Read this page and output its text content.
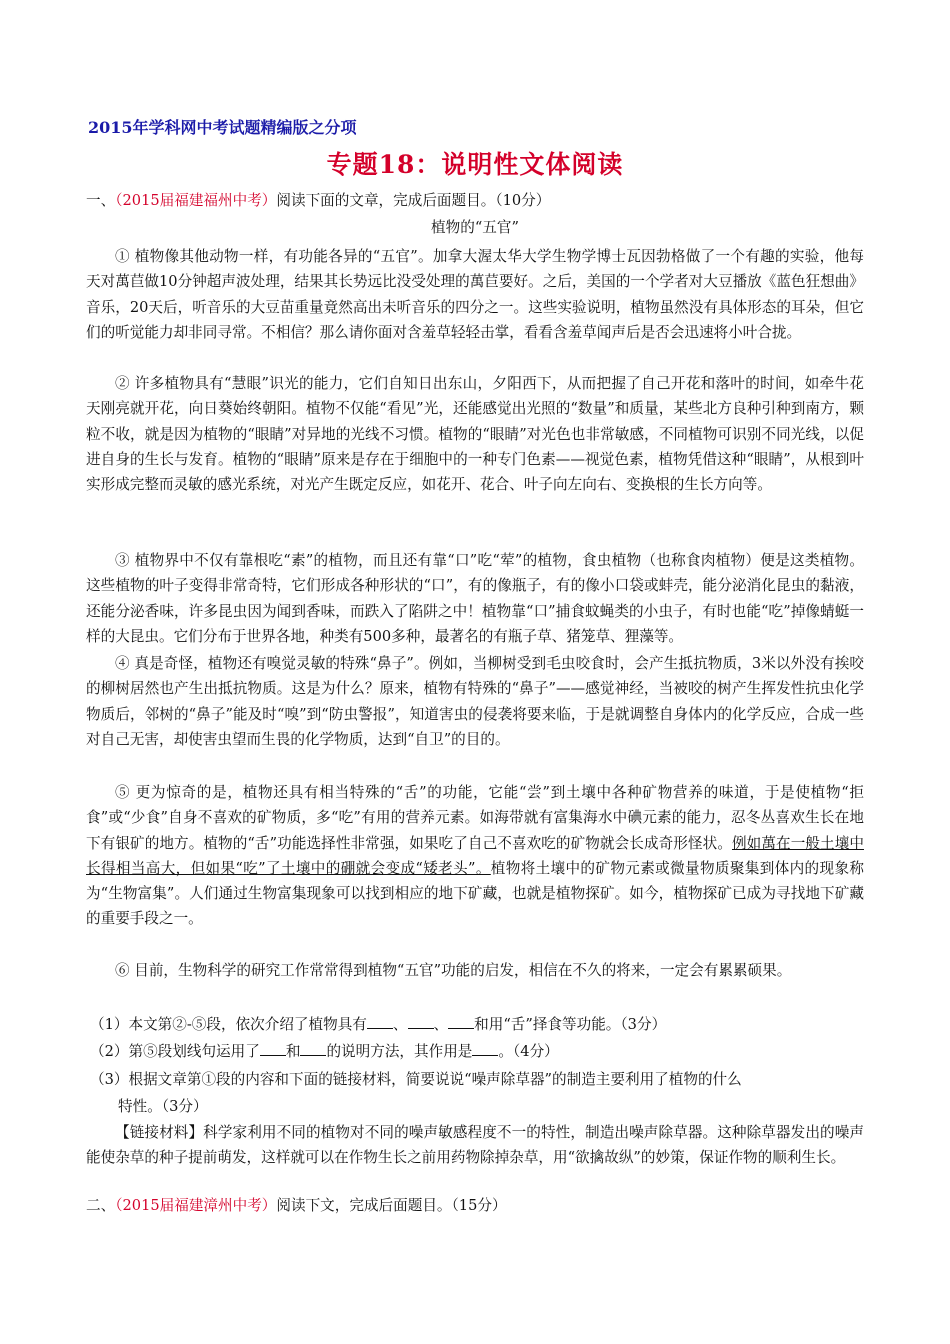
2015年学科网中考试题精编版之分项
专题18：说明性文体阅读
一、（2015届福建福州中考）阅读下面的文章，完成后面题目。（10分）
植物的“五官”
① 植物像其他动物一样，有功能各异的“五官”。加拿大渥太华大学生物学博士瓦因勃格做了一个有趣的实验，他每天对萬苣做10分钟超声波处理，结果其长势远比没受处理的萬苣要好。之后，美国的一个学者对大豆播放《蓝色狂想曲》音乐，20天后，听音乐的大豆苗重量竟然高出未听音乐的四分之一。这些实验说明，植物虽然没有具体形态的耳朵，但它们的听觉能力却非同寻常。不相信？那么请你面对含羞草轻轻击掌，看看含羞草闻声后是否会迅速将小叶合拢。
② 许多植物具有“慧眼”识光的能力，它们自知日出东山，夕阳西下，从而把握了自己开花和落叶的时间，如牵牛花天刚亮就开花，向日葵始终朝阳。植物不仅能“看见”光，还能感觉出光照的“数量”和质量，某些北方良种引种到南方，颗粒不收，就是因为植物的“眼睛”对异地的光线不习惯。植物的“眼睛”对光色也非常敏感，不同植物可识别不同光线，以促进自身的生长与发育。植物的“眼睛”原来是存在于细胞中的一种专门色素——视觉色素，植物凭借这种“眼睛”，从根到叶实形成完整而灵敏的感光系统，对光产生既定反应，如花开、花合、叶子向左向右、变换根的生长方向等。
③ 植物界中不仅有靠根吃“素”的植物，而且还有靠“口”吃“荤”的植物，食虫植物（也称食肉植物）便是这类植物。这些植物的叶子变得非常奇特，它们形成各种形状的“口”，有的像瓶子，有的像小口袋或蚌壳，能分泌消化昆虫的黏液，还能分泌香味，许多昆虫因为闻到香味，而跌入了陷阱之中！植物靠“口”捕食蚊蝇类的小虫子，有时也能“吃”掉像蜻蜓一样的大昆虫。它们分布于世界各地，种类有500多种，最著名的有瓶子草、猪笼草、狸藻等。
④ 真是奇怪，植物还有嗅觉灵敏的特殊“鼻子”。例如，当柳树受到毛虫咬食时，会产生抵抗物质，3米以外没有挨咬的柳树居然也产生出抵抗物质。这是为什么？原来，植物有特殊的“鼻子”——感觉神经，当被咬的树产生挥发性抗虫化学物质后，邻树的“鼻子”能及时“嗅”到“防虫警报”，知道害虫的侵袭将要来临，于是就调整自身体内的化学反应，合成一些对自己无害，却使害虫望而生畏的化学物质，达到“自卫”的目的。
⑤ 更为惊奇的是，植物还具有相当特殊的“舌”的功能，它能“尝”到土壤中各种矿物营养的味道，于是使植物“拒食”或“少食”自身不喜欢的矿物质，多“吃”有用的营养元素。如海带就有富集海水中碘元素的能力，忍冬丛喜欢生长在地下有银矿的地方。植物的“舌”功能选择性非常强，如果吃了自己不喜欢吃的矿物就会长成奇形怪状。例如萬在一般土壤中长得相当高大，但如果“吃”了土壤中的硼就会变成“矮老头”。植物将土壤中的矿物元素或微量物质聚集到体内的现象称为“生物富集”。人们通过生物富集现象可以找到相应的地下矿藏，也就是植物探矿。如今，植物探矿已成为寻找地下矿藏的重要手段之一。
⑥ 目前，生物科学的研究工作常常得到植物“五官”功能的启发，相信在不久的将来，一定会有累累硕果。
（1）本文第②-⑤段，依次介绍了植物具有 、 、 和用“舌”择食等功能。（3分）
（2）第⑤段划线句运用了 和 的说明方法，其作用是 。（4分）
（3）根据文章第①段的内容和下面的链接材料，简要说说“噪声除草器”的制造主要利用了植物的什么
特性。（3分）
【链接材料】科学家利用不同的植物对不同的噪声敏感程度不一的特性，制造出噪声除草器。这种除草器发出的噪声能使杂草的种子提前萌发，这样就可以在作物生长之前用药物除掉杂草，用“欲擒故纵”的妙策，保证作物的顺利生长。
二、（2015届福建漳州中考）阅读下文，完成后面题目。（15分）
